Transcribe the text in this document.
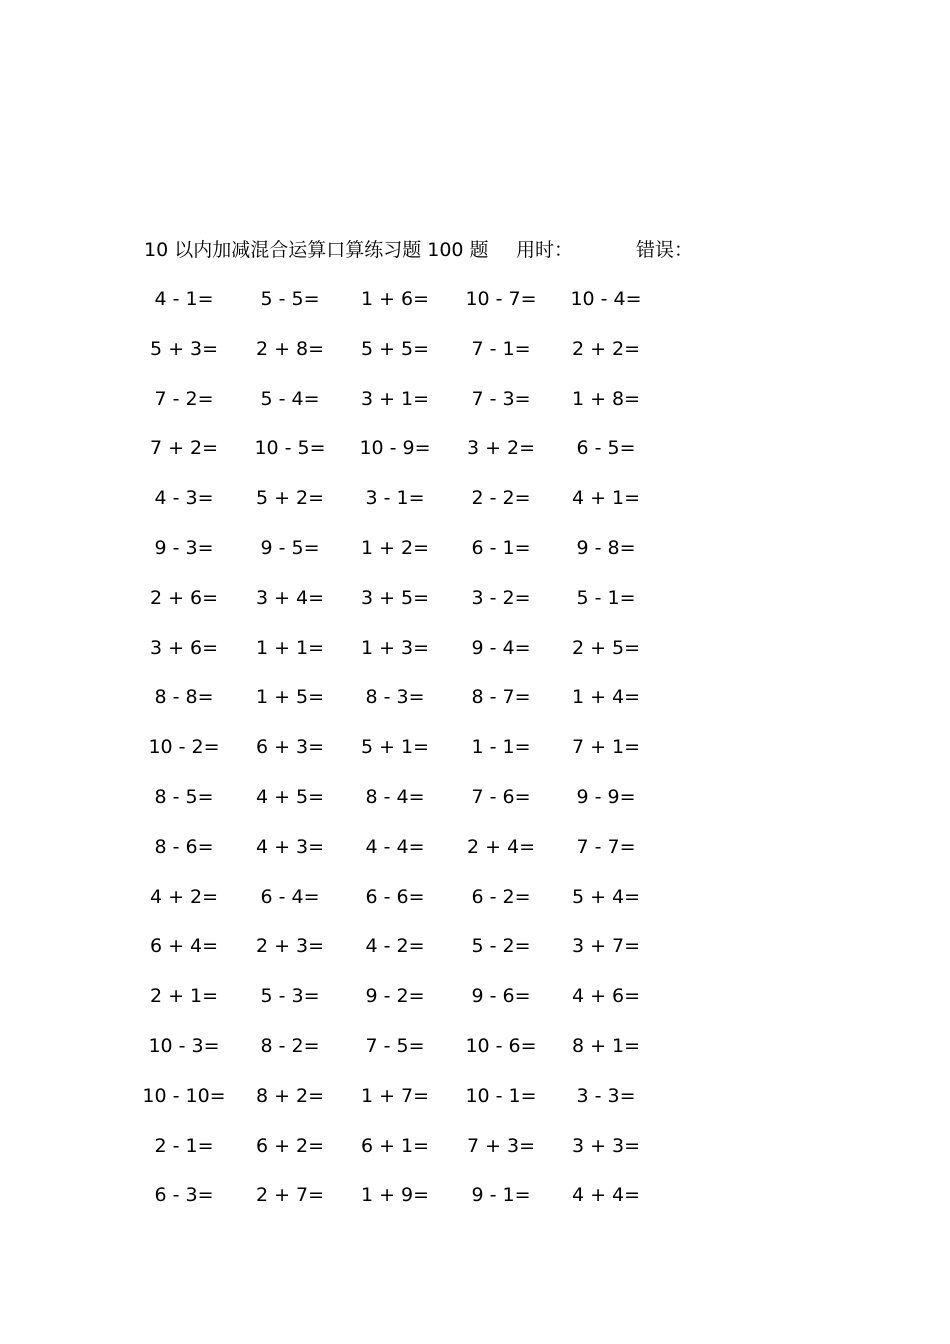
10 以内加减混合运算口算练习题 100 题 用时：	错误：
4 - 1=	5 - 5=	1 + 6=	10 - 7=	10 - 4=
5 + 3=	2 + 8=	5 + 5=	7 - 1=	2 + 2=
7 - 2=	5 - 4=	3 + 1=	7 - 3=	1 + 8=
7 + 2=	10 - 5=	10 - 9=	3 + 2=	6 - 5=
4 - 3=	5 + 2=	3 - 1=	2 - 2=	4 + 1=
9 - 3=	9 - 5=	1 + 2=	6 - 1=	9 - 8=
2 + 6=	3 + 4=	3 + 5=	3 - 2=	5 - 1=
3 + 6=	1 + 1=	1 + 3=	9 - 4=	2 + 5=
8 - 8=	1 + 5=	8 - 3=	8 - 7=	1 + 4=
10 - 2=	6 + 3=	5 + 1=	1 - 1=	7 + 1=
8 - 5=	4 + 5=	8 - 4=	7 - 6=	9 - 9=
8 - 6=	4 + 3=	4 - 4=	2 + 4=	7 - 7=
4 + 2=	6 - 4=	6 - 6=	6 - 2=	5 + 4=
6 + 4=	2 + 3=	4 - 2=	5 - 2=	3 + 7=
2 + 1=	5 - 3=	9 - 2=	9 - 6=	4 + 6=
10 - 3=	8 - 2=	7 - 5=	10 - 6=	8 + 1=
10 - 10=	8 + 2=	1 + 7=	10 - 1=	3 - 3=
2 - 1=	6 + 2=	6 + 1=	7 + 3=	3 + 3=
6 - 3=	2 + 7=	1 + 9=	9 - 1=	4 + 4=
